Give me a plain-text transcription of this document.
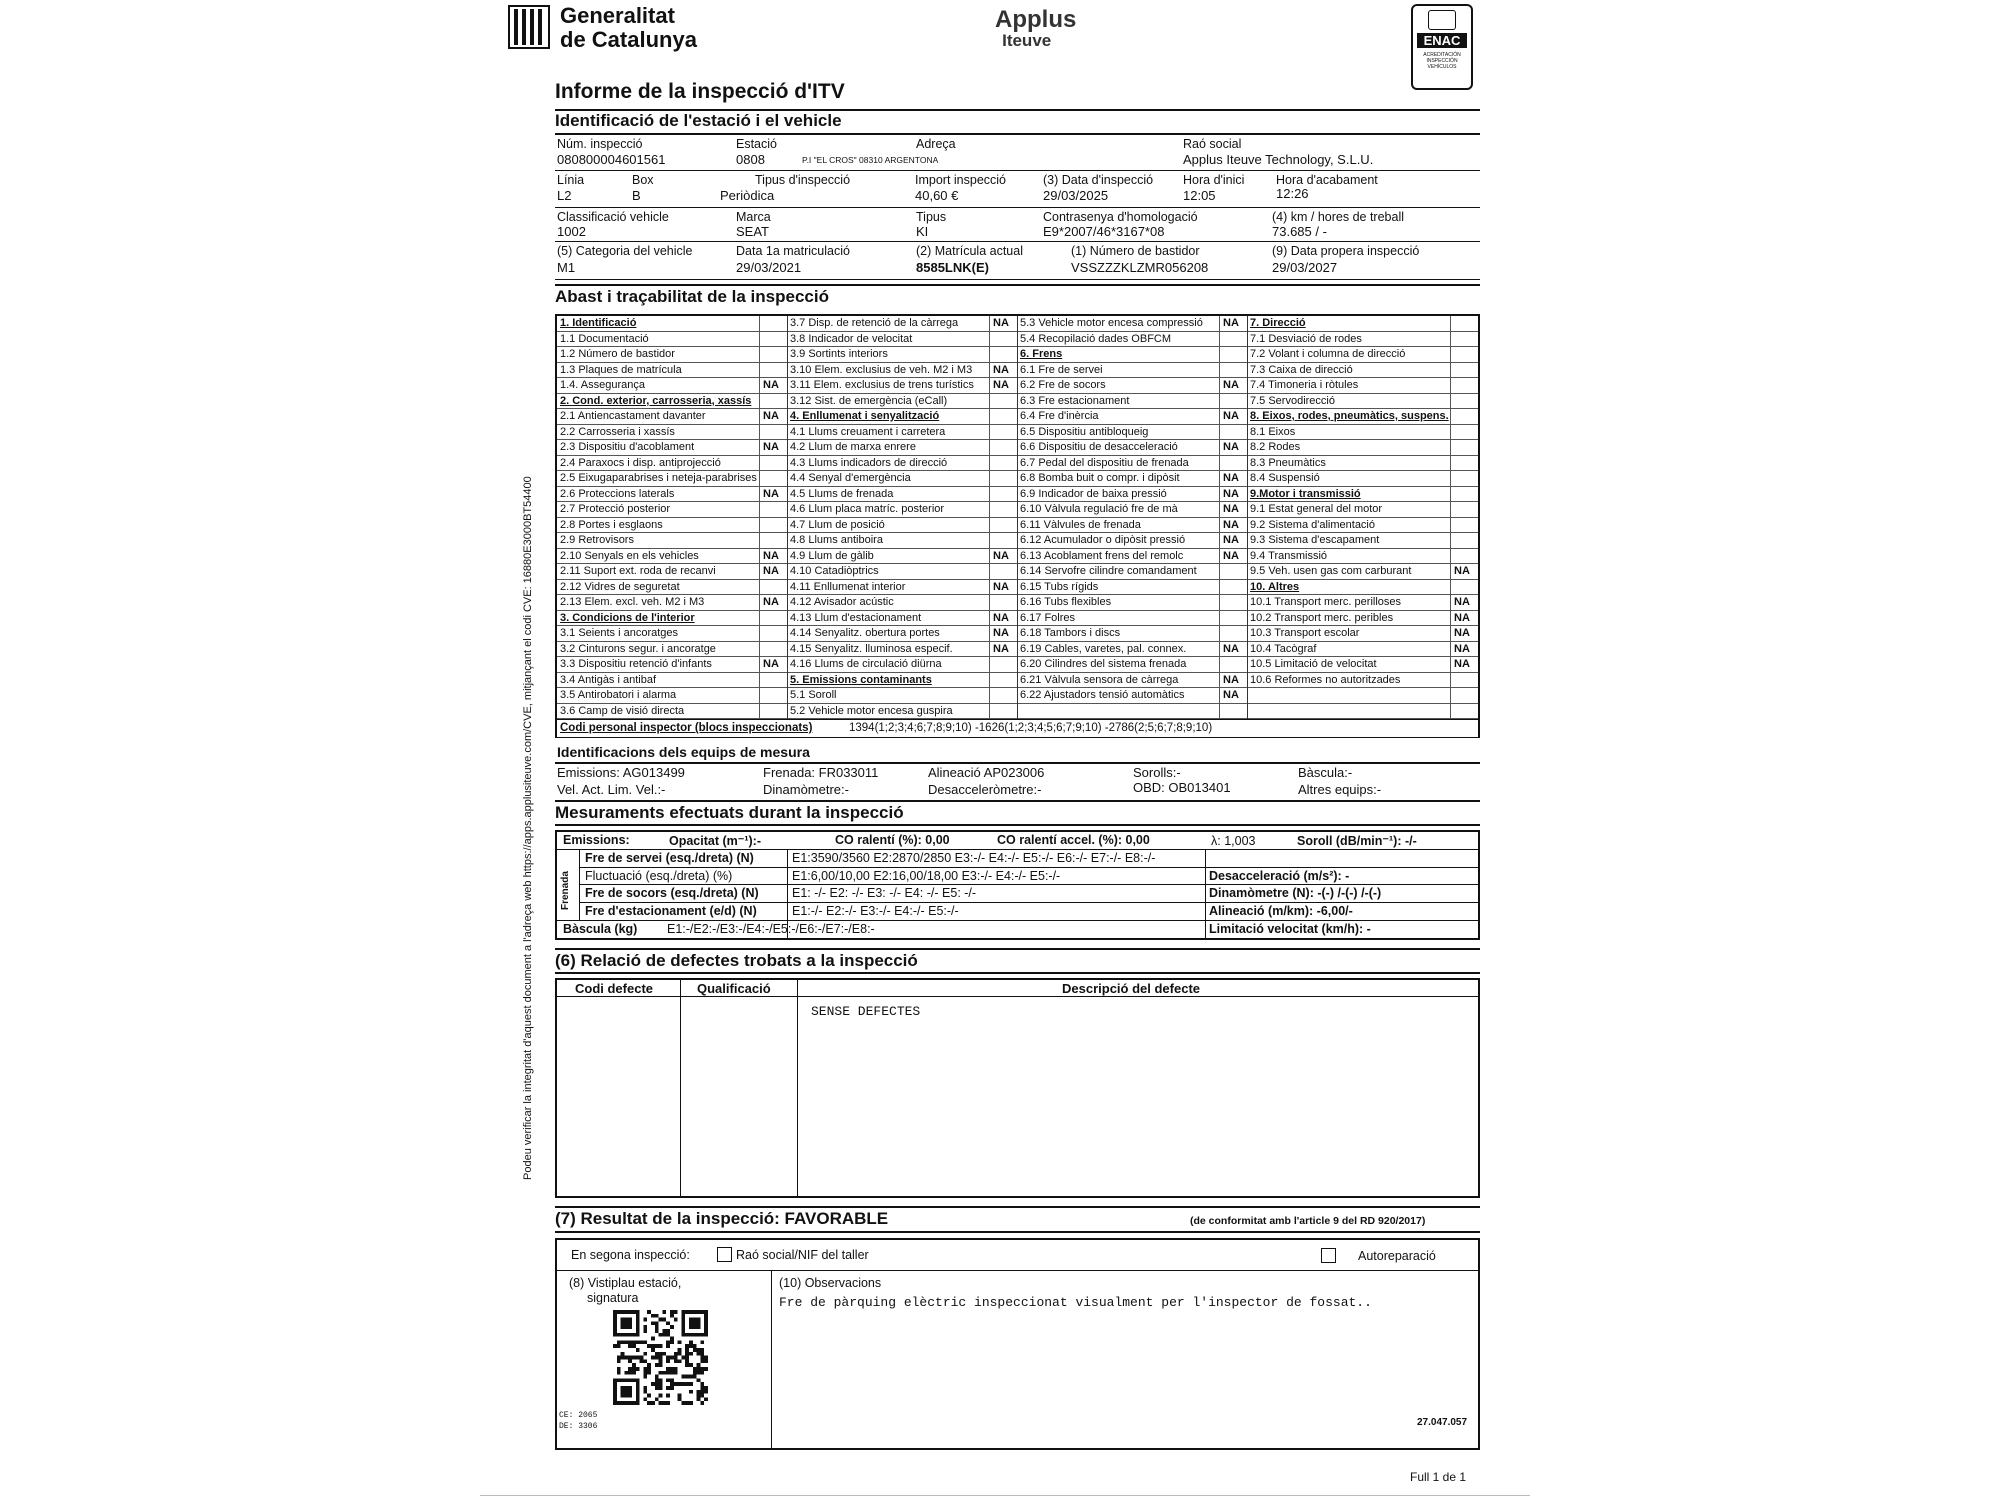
Generalitat
de Catalunya
Applus
Iteuve	ENAC
ACREDITACIÓN
INSPECCIÓN
VEHÍCULOS
Informe de la inspecció d'ITV
Podeu verificar la integritat d'aquest document a l'adreça web https://apps.applusiteuve.com/CVE, mitjançant el codi CVE: 16880E3000BT54400
Identificació de l'estació i el vehicle
Núm. inspecció
080800004601561
Estació
0808
Adreça
P.I "EL CROS" 08310 ARGENTONA
Raó social
Applus Iteuve Technology, S.L.U.
Línia
L2
Box
B
Tipus d'inspecció
Periòdica
Import inspecció
40,60 €
(3) Data d'inspecció
29/03/2025
Hora d'inici
12:05
Hora d'acabament
12:26
Classificació vehicle
1002
Marca
SEAT
Tipus
KI
Contrasenya d'homologació
E9*2007/46*3167*08
(4) km / hores de treball
73.685 / -
(5) Categoria del vehicle
M1
Data 1a matriculació
29/03/2021
(2) Matrícula actual
8585LNK(E)
(1) Número de bastidor
VSSZZZKLZMR056208
(9) Data propera inspecció
29/03/2027
Abast i traçabilitat de la inspecció
1. Identificació
1.1 Documentació
1.2 Número de bastidor
1.3 Plaques de matrícula
1.4. Assegurança	NA
2. Cond. exterior, carrosseria, xassís
2.1 Antiencastament davanter	NA
2.2 Carrosseria i xassís
2.3 Dispositiu d'acoblament	NA
2.4 Paraxocs i disp. antiprojecció
2.5 Eixugaparabrises i neteja-parabrises
2.6 Proteccions laterals	NA
2.7 Protecció posterior
2.8 Portes i esglaons
2.9 Retrovisors
2.10 Senyals en els vehicles	NA
2.11 Suport ext. roda de recanvi	NA
2.12 Vidres de seguretat
2.13 Elem. excl. veh. M2 i M3	NA
3. Condicions de l'interior
3.1 Seients i ancoratges
3.2 Cinturons segur. i ancoratge
3.3 Dispositiu retenció d'infants	NA
3.4 Antigàs i antibaf
3.5 Antirobatori i alarma
3.6 Camp de visió directa
3.7 Disp. de retenció de la càrrega	NA
3.8 Indicador de velocitat
3.9 Sortints interiors
3.10 Elem. exclusius de veh. M2 i M3 NA
3.11 Elem. exclusius de trens turístics NA
3.12 Sist. de emergència (eCall)
4. Enllumenat i senyalització
4.1 Llums creuament i carretera
4.2 Llum de marxa enrere
4.3 Llums indicadors de direcció
4.4 Senyal d'emergència
4.5 Llums de frenada
4.6 Llum placa matríc. posterior
4.7 Llum de posició
4.8 Llums antiboira
4.9 Llum de gàlib	NA
4.10 Catadiòptrics
4.11 Enllumenat interior	NA
4.12 Avisador acústic
4.13 Llum d'estacionament	NA
4.14 Senyalitz. obertura portes	NA
4.15 Senyalitz. lluminosa especif.	NA
4.16 Llums de circulació diürna
5. Emissions contaminants
5.1 Soroll
5.2 Vehicle motor encesa guspira
5.3 Vehicle motor encesa compressió NA
5.4 Recopilació dades OBFCM
6. Frens
6.1 Fre de servei
6.2 Fre de socors	NA
6.3 Fre estacionament
6.4 Fre d'inèrcia	NA
6.5 Dispositiu antibloqueig
6.6 Dispositiu de desacceleració	NA
6.7 Pedal del dispositiu de frenada
6.8 Bomba buit o compr. i dipòsit	NA
6.9 Indicador de baixa pressió	NA
6.10 Vàlvula regulació fre de mà	NA
6.11 Vàlvules de frenada	NA
6.12 Acumulador o dipòsit pressió	NA
6.13 Acoblament frens del remolc	NA
6.14 Servofre cilindre comandament
6.15 Tubs rígids
6.16 Tubs flexibles
6.17 Folres
6.18 Tambors i discs
6.19 Cables, varetes, pal. connex.	NA
6.20 Cilindres del sistema frenada
6.21 Vàlvula sensora de càrrega	NA
6.22 Ajustadors tensió automàtics	NA
7. Direcció
7.1 Desviació de rodes
7.2 Volant i columna de direcció
7.3 Caixa de direcció
7.4 Timoneria i ròtules
7.5 Servodirecció
8. Eixos, rodes, pneumàtics, suspens.
8.1 Eixos
8.2 Rodes
8.3 Pneumàtics
8.4 Suspensió
9.Motor i transmissió
9.1 Estat general del motor
9.2 Sistema d'alimentació
9.3 Sistema d'escapament
9.4 Transmissió
9.5 Veh. usen gas com carburant	NA
10. Altres
10.1 Transport merc. perilloses	NA
10.2 Transport merc. peribles	NA
10.3 Transport escolar	NA
10.4 Tacògraf	NA
10.5 Limitació de velocitat	NA
10.6 Reformes no autoritzades
Codi personal inspector (blocs inspeccionats)	1394(1;2;3;4;6;7;8;9;10) -1626(1;2;3;4;5;6;7;9;10) -2786(2;5;6;7;8;9;10)
Identificacions dels equips de mesura
Emissions: AG013499	Frenada: FR033011	Alineació AP023006	Sorolls:-	Bàscula:-
Vel. Act. Lim. Vel.:-	Dinamòmetre:-	Desacceleròmetre:-	OBD: OB013401	Altres equips:-
Mesuraments efectuats durant la inspecció
Emissions:	Opacitat (m⁻¹):-	CO ralentí (%): 0,00	CO ralentí accel. (%): 0,00	λ: 1,003	Soroll (dB/min⁻¹): -/-
Frenada
Fre de servei (esq./dreta) (N)	E1:3590/3560 E2:2870/2850 E3:-/- E4:-/- E5:-/- E6:-/- E7:-/- E8:-/-
Fluctuació (esq./dreta) (%)	E1:6,00/10,00 E2:16,00/18,00 E3:-/- E4:-/- E5:-/-	Desacceleració (m/s²): -
Fre de socors (esq./dreta) (N)	E1: -/- E2: -/- E3: -/- E4: -/- E5: -/-	Dinamòmetre (N): -(-) /-(-) /-(-)
Fre d'estacionament (e/d) (N)	E1:-/- E2:-/- E3:-/- E4:-/- E5:-/-	Alineació (m/km): -6,00/-
Bàscula (kg) E1:-/E2:-/E3:-/E4:-/E5:-/E6:-/E7:-/E8:-	Limitació velocitat (km/h): -
(6) Relació de defectes trobats a la inspecció
Codi defecte	Qualificació	Descripció del defecte
SENSE DEFECTES
(7) Resultat de la inspecció: FAVORABLE	(de conformitat amb l'article 9 del RD 920/2017)
En segona inspecció:	Raó social/NIF del taller	Autoreparació
(8) Vistiplau estació,
signatura
(10) Observacions
Fre de pàrquing elèctric inspeccionat visualment per l'inspector de fossat..
CE: 2065
DE: 3306	27.047.057
Full 1 de 1
